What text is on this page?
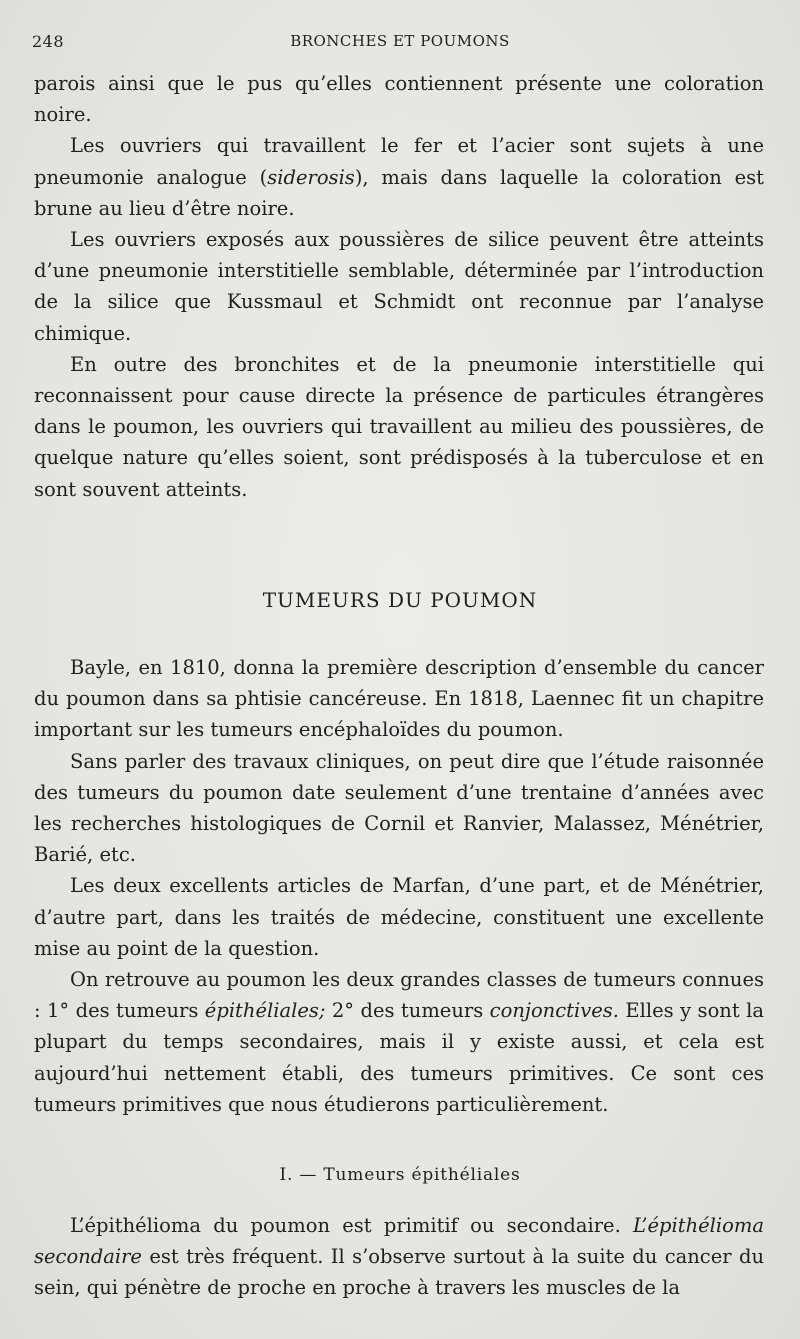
248	BRONCHES ET POUMONS

parois ainsi que le pus qu’elles contiennent présente une coloration noire.

Les ouvriers qui travaillent le fer et l’acier sont sujets à une pneumonie analogue (siderosis), mais dans laquelle la coloration est brune au lieu d’être noire.

Les ouvriers exposés aux poussières de silice peuvent être atteints d’une pneumonie interstitielle semblable, déterminée par l’introduction de la silice que Kussmaul et Schmidt ont reconnue par l’analyse chimique.

En outre des bronchites et de la pneumonie interstitielle qui reconnaissent pour cause directe la présence de particules étrangères dans le poumon, les ouvriers qui travaillent au milieu des poussières, de quelque nature qu’elles soient, sont prédisposés à la tuberculose et en sont souvent atteints.

TUMEURS DU POUMON

Bayle, en 1810, donna la première description d’ensemble du cancer du poumon dans sa phtisie cancéreuse. En 1818, Laennec fit un chapitre important sur les tumeurs encéphaloïdes du poumon.

Sans parler des travaux cliniques, on peut dire que l’étude raisonnée des tumeurs du poumon date seulement d’une trentaine d’années avec les recherches histologiques de Cornil et Ranvier, Malassez, Ménétrier, Barié, etc.

Les deux excellents articles de Marfan, d’une part, et de Ménétrier, d’autre part, dans les traités de médecine, constituent une excellente mise au point de la question.

On retrouve au poumon les deux grandes classes de tumeurs connues : 1° des tumeurs épithéliales; 2° des tumeurs conjonctives. Elles y sont la plupart du temps secondaires, mais il y existe aussi, et cela est aujourd’hui nettement établi, des tumeurs primitives. Ce sont ces tumeurs primitives que nous étudierons particulièrement.

I. — Tumeurs épithéliales

L’épithélioma du poumon est primitif ou secondaire. L’épithélioma secondaire est très fréquent. Il s’observe surtout à la suite du cancer du sein, qui pénètre de proche en proche à travers les muscles de la
